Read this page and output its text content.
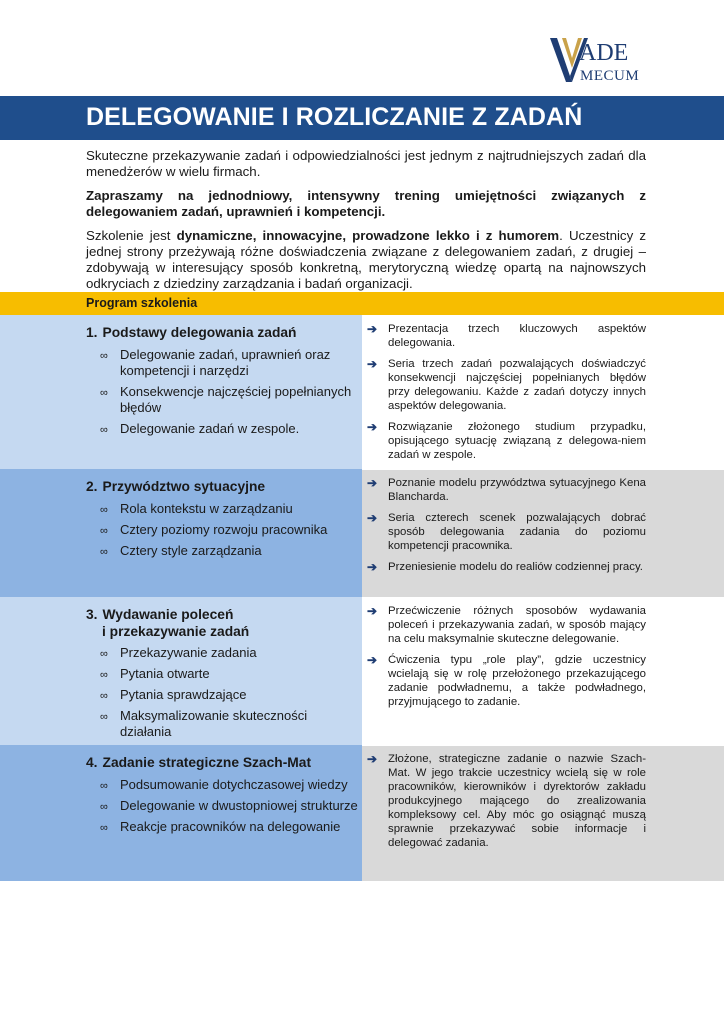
ADE
MECUM
DELEGOWANIE I ROZLICZANIE Z ZADAŃ

Skuteczne przekazywanie zadań i odpowiedzialności jest jednym z najtrudniejszych zadań dla menedżerów w wielu firmach.

Zapraszamy na jednodniowy, intensywny trening umiejętności związanych z delegowaniem zadań, uprawnień i kompetencji.

Szkolenie jest dynamiczne, innowacyjne, prowadzone lekko i z humorem. Uczestnicy z jednej strony przeżywają różne doświadczenia związane z delegowaniem zadań, z drugiej – zdobywają w interesujący sposób konkretną, merytoryczną wiedzę opartą na najnowszych odkryciach z dziedziny zarządzania i badań organizacji.

Program szkolenia
1. Podstawy delegowania zadań
∞ Delegowanie zadań, uprawnień oraz kompetencji i narzędzi
∞ Konsekwencje najczęściej popełnianych błędów
∞ Delegowanie zadań w zespole.
➔ Prezentacja trzech kluczowych aspektów delegowania.
➔ Seria trzech zadań pozwalających doświadczyć konsekwencji najczęściej popełnianych błędów przy delegowaniu. Każde z zadań dotyczy innych aspektów delegowania.
➔ Rozwiązanie złożonego studium przypadku, opisującego sytuację związaną z delegowa-niem zadań w zespole.
2. Przywództwo sytuacyjne
∞ Rola kontekstu w zarządzaniu
∞ Cztery poziomy rozwoju pracownika
∞ Cztery style zarządzania
➔ Poznanie modelu przywództwa sytuacyjnego Kena Blancharda.
➔ Seria czterech scenek pozwalających dobrać sposób delegowania zadania do poziomu kompetencji pracownika.
➔ Przeniesienie modelu do realiów codziennej pracy.
3. Wydawanie poleceń
i przekazywanie zadań
∞ Przekazywanie zadania
∞ Pytania otwarte
∞ Pytania sprawdzające
∞ Maksymalizowanie skuteczności działania
➔ Przećwiczenie różnych sposobów wydawania poleceń i przekazywania zadań, w sposób mający na celu maksymalnie skuteczne delegowanie.
➔ Ćwiczenia typu „role play”, gdzie uczestnicy wcielają się w rolę przełożonego przekazującego zadanie podwładnemu, a także podwładnego, przyjmującego to zadanie.
4. Zadanie strategiczne Szach-Mat
∞ Podsumowanie dotychczasowej wiedzy
∞ Delegowanie w dwustopniowej strukturze
∞ Reakcje pracowników na delegowanie
➔ Złożone, strategiczne zadanie o nazwie Szach-Mat. W jego trakcie uczestnicy wcielą się w role pracowników, kierowników i dyrektorów zakładu produkcyjnego mającego do zrealizowania kompleksowy cel. Aby móc go osiągnąć muszą sprawnie przekazywać sobie informacje i delegować zadania.
